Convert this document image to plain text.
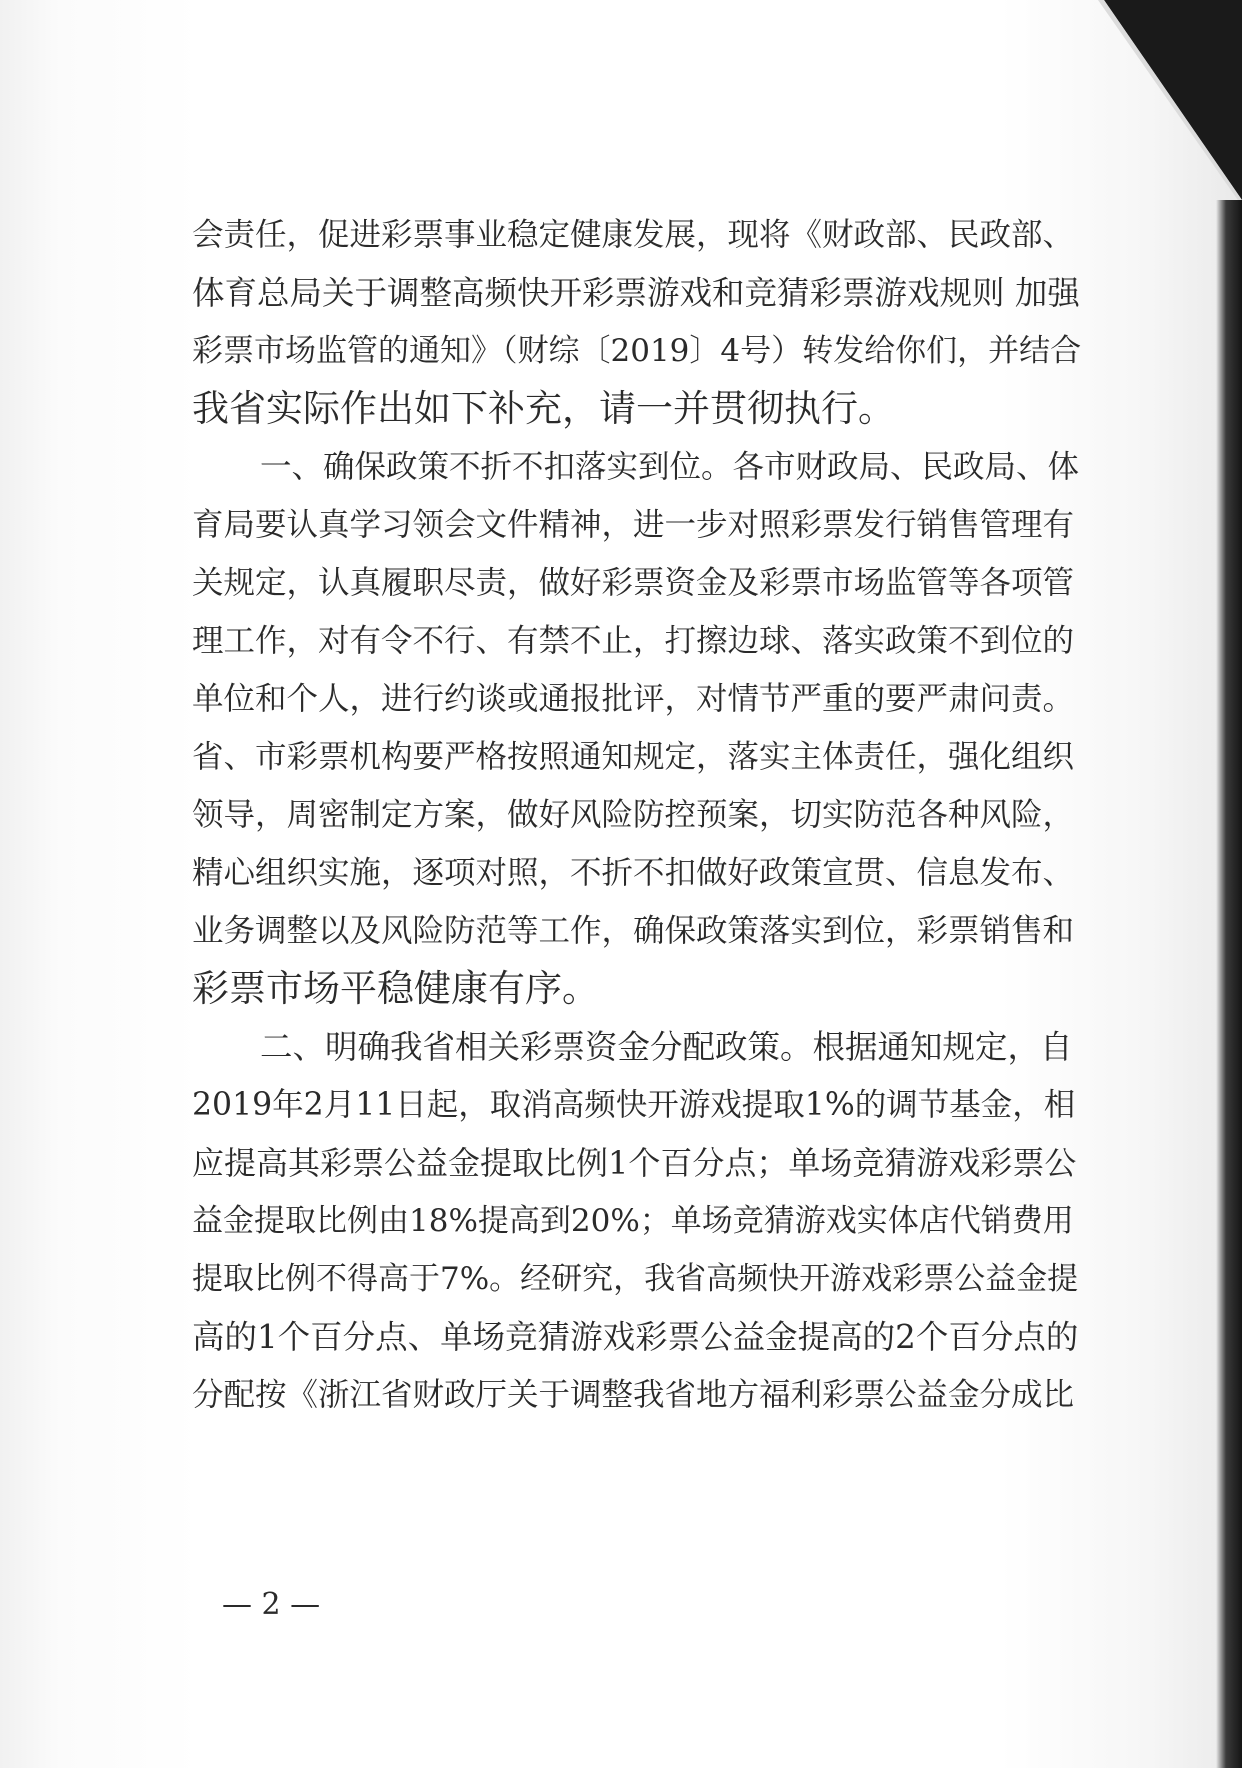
会责任，促进彩票事业稳定健康发展，现将《财政部、民政部、
体育总局关于调整高频快开彩票游戏和竞猜彩票游戏规则 加强
彩票市场监管的通知》（财综〔2019〕4号）转发给你们，并结合
我省实际作出如下补充，请一并贯彻执行。
一、确保政策不折不扣落实到位。各市财政局、民政局、体
育局要认真学习领会文件精神，进一步对照彩票发行销售管理有
关规定，认真履职尽责，做好彩票资金及彩票市场监管等各项管
理工作，对有令不行、有禁不止，打擦边球、落实政策不到位的
单位和个人，进行约谈或通报批评，对情节严重的要严肃问责。
省、市彩票机构要严格按照通知规定，落实主体责任，强化组织
领导，周密制定方案，做好风险防控预案，切实防范各种风险，
精心组织实施，逐项对照，不折不扣做好政策宣贯、信息发布、
业务调整以及风险防范等工作，确保政策落实到位，彩票销售和
彩票市场平稳健康有序。
二、明确我省相关彩票资金分配政策。根据通知规定，自
2019年2月11日起，取消高频快开游戏提取1%的调节基金，相
应提高其彩票公益金提取比例1个百分点；单场竞猜游戏彩票公
益金提取比例由18%提高到20%；单场竞猜游戏实体店代销费用
提取比例不得高于7%。经研究，我省高频快开游戏彩票公益金提
高的1个百分点、单场竞猜游戏彩票公益金提高的2个百分点的
分配按《浙江省财政厅关于调整我省地方福利彩票公益金分成比
— 2 —
